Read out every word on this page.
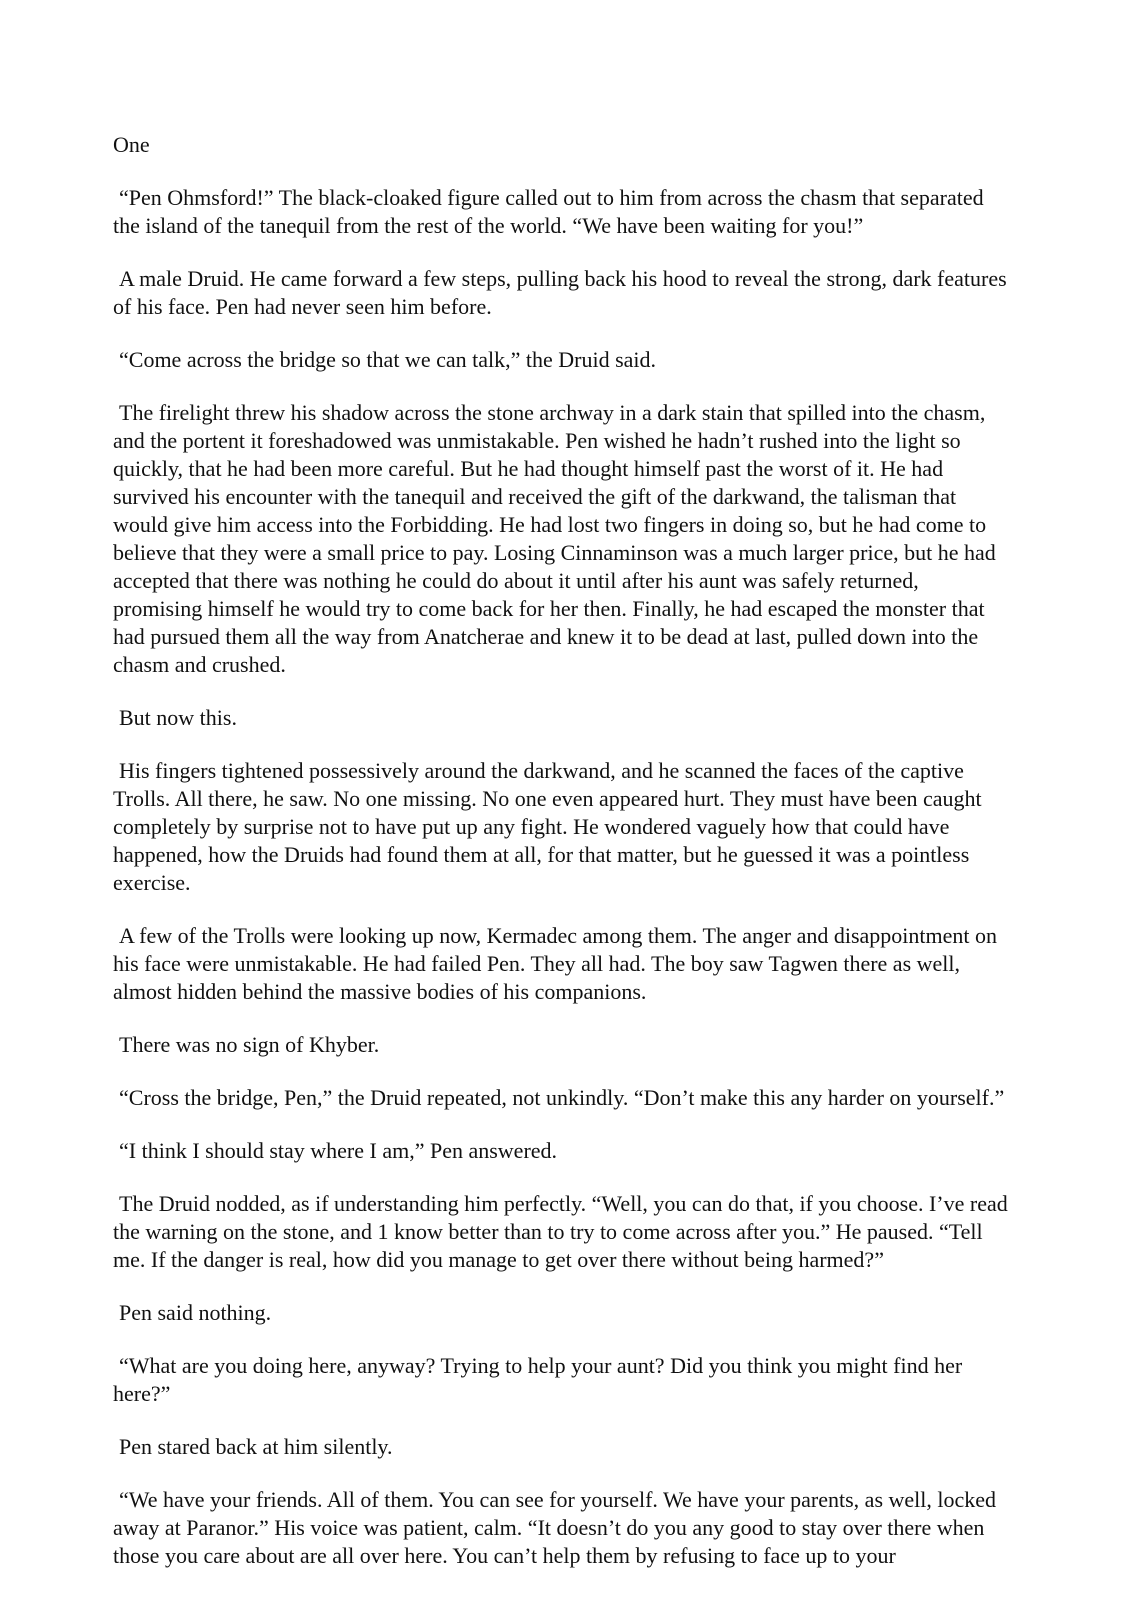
One

“Pen Ohmsford!” The black-cloaked figure called out to him from across the chasm that separated the island of the tanequil from the rest of the world. “We have been waiting for you!”

A male Druid. He came forward a few steps, pulling back his hood to reveal the strong, dark features of his face. Pen had never seen him before.

“Come across the bridge so that we can talk,” the Druid said.

The firelight threw his shadow across the stone archway in a dark stain that spilled into the chasm, and the portent it foreshadowed was unmistakable. Pen wished he hadn’t rushed into the light so quickly, that he had been more careful. But he had thought himself past the worst of it. He had survived his encounter with the tanequil and received the gift of the darkwand, the talisman that would give him access into the Forbidding. He had lost two fingers in doing so, but he had come to believe that they were a small price to pay. Losing Cinnaminson was a much larger price, but he had accepted that there was nothing he could do about it until after his aunt was safely returned, promising himself he would try to come back for her then. Finally, he had escaped the monster that had pursued them all the way from Anatcherae and knew it to be dead at last, pulled down into the chasm and crushed.

But now this.

His fingers tightened possessively around the darkwand, and he scanned the faces of the captive Trolls. All there, he saw. No one missing. No one even appeared hurt. They must have been caught completely by surprise not to have put up any fight. He wondered vaguely how that could have happened, how the Druids had found them at all, for that matter, but he guessed it was a pointless exercise.

A few of the Trolls were looking up now, Kermadec among them. The anger and disappointment on his face were unmistakable. He had failed Pen. They all had. The boy saw Tagwen there as well, almost hidden behind the massive bodies of his companions.

There was no sign of Khyber.

“Cross the bridge, Pen,” the Druid repeated, not unkindly. “Don’t make this any harder on yourself.”

“I think I should stay where I am,” Pen answered.

The Druid nodded, as if understanding him perfectly. “Well, you can do that, if you choose. I’ve read the warning on the stone, and 1 know better than to try to come across after you.” He paused. “Tell me. If the danger is real, how did you manage to get over there without being harmed?”

Pen said nothing.

“What are you doing here, anyway? Trying to help your aunt? Did you think you might find her here?”

Pen stared back at him silently.

“We have your friends. All of them. You can see for yourself. We have your parents, as well, locked away at Paranor.” His voice was patient, calm. “It doesn’t do you any good to stay over there when those you care about are all over here. You can’t help them by refusing to face up to your
